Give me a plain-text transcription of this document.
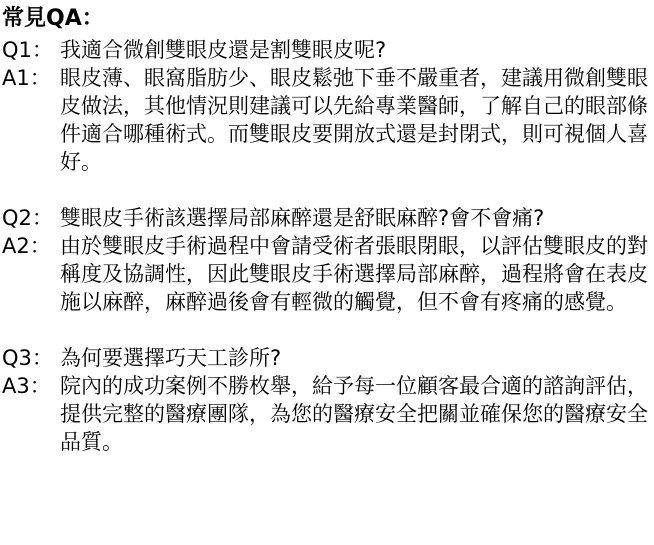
常見QA：
Q1： 我適合微創雙眼皮還是割雙眼皮呢?
A1： 眼皮薄、眼窩脂肪少、眼皮鬆弛下垂不嚴重者，建議用微創雙眼皮做法，其他情況則建議可以先給專業醫師，了解自己的眼部條件適合哪種術式。而雙眼皮要開放式還是封閉式，則可視個人喜好。
Q2： 雙眼皮手術該選擇局部麻醉還是舒眠麻醉?會不會痛?
A2： 由於雙眼皮手術過程中會請受術者張眼閉眼，以評估雙眼皮的對稱度及協調性，因此雙眼皮手術選擇局部麻醉，過程將會在表皮施以麻醉，麻醉過後會有輕微的觸覺，但不會有疼痛的感覺。
Q3： 為何要選擇巧天工診所?
A3： 院內的成功案例不勝枚舉，給予每一位顧客最合適的諮詢評估，提供完整的醫療團隊，為您的醫療安全把關並確保您的醫療安全品質。
